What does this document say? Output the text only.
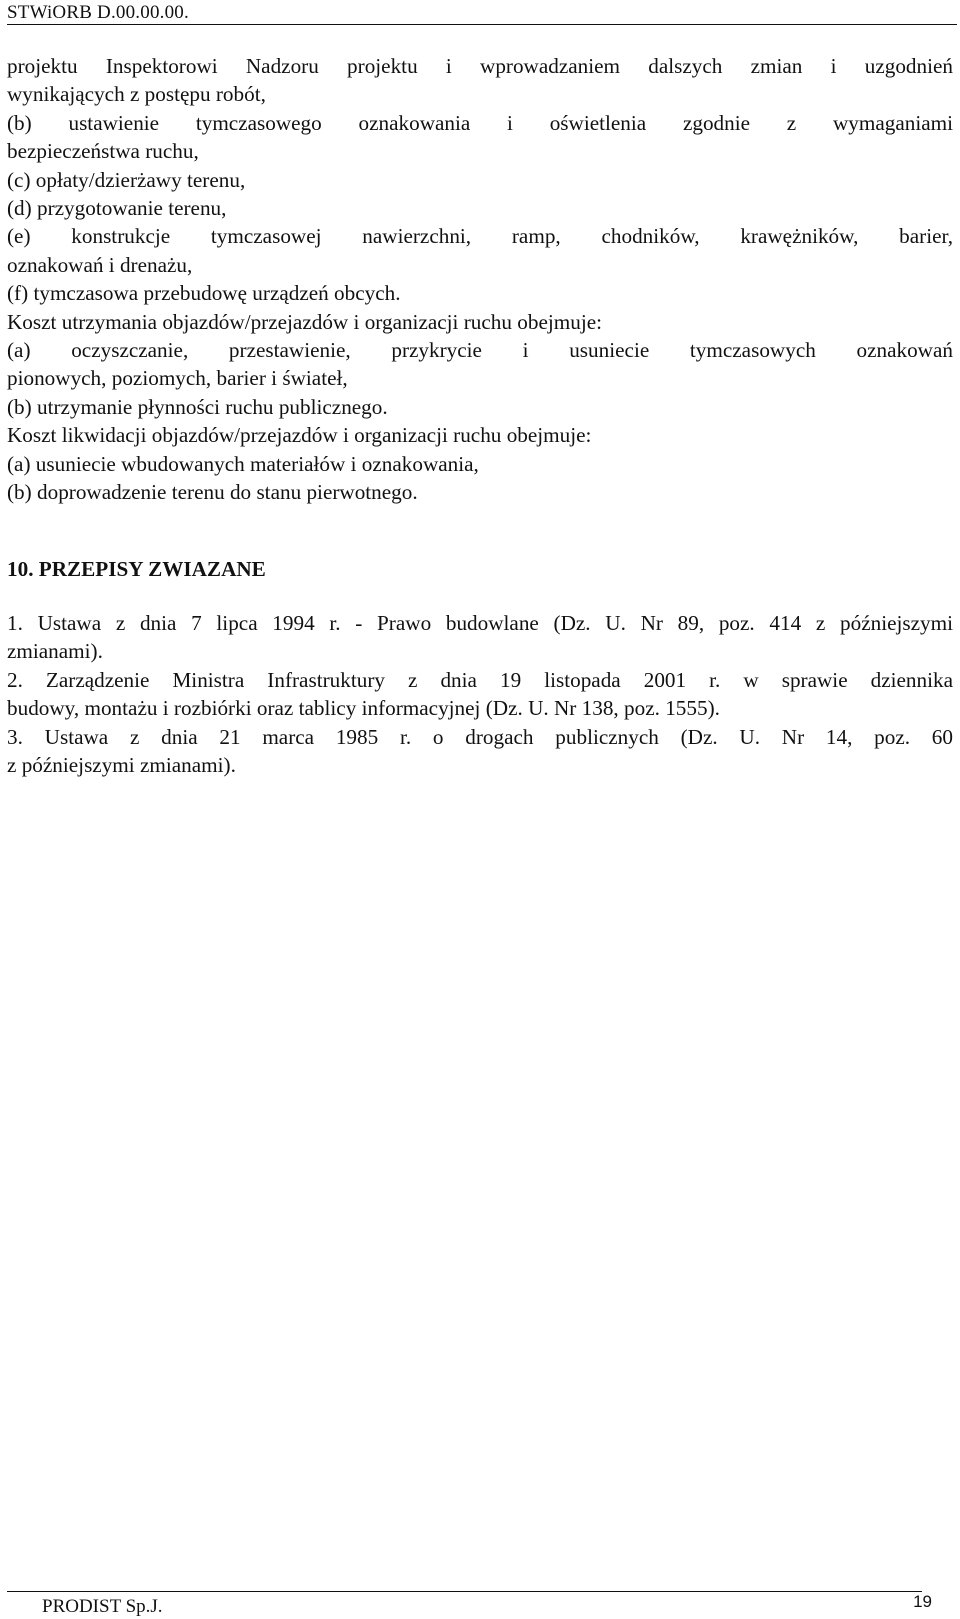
STWiORB D.00.00.00.
projektu Inspektorowi Nadzoru projektu i wprowadzaniem dalszych zmian i uzgodnień
wynikających z postępu robót,
(b) ustawienie tymczasowego oznakowania i oświetlenia zgodnie z wymaganiami
bezpieczeństwa ruchu,
(c) opłaty/dzierżawy terenu,
(d) przygotowanie terenu,
(e) konstrukcje tymczasowej nawierzchni, ramp, chodników, krawężników, barier,
oznakowań i drenażu,
(f) tymczasowa przebudowę urządzeń obcych.
Koszt utrzymania objazdów/przejazdów i organizacji ruchu obejmuje:
(a) oczyszczanie, przestawienie, przykrycie i usuniecie tymczasowych oznakowań
pionowych, poziomych, barier i świateł,
(b) utrzymanie płynności ruchu publicznego.
Koszt likwidacji objazdów/przejazdów i organizacji ruchu obejmuje:
(a) usuniecie wbudowanych materiałów i oznakowania,
(b) doprowadzenie terenu do stanu pierwotnego.
10. PRZEPISY ZWIAZANE
1. Ustawa z dnia 7 lipca 1994 r. - Prawo budowlane (Dz. U. Nr 89, poz. 414 z późniejszymi
zmianami).
2. Zarządzenie Ministra Infrastruktury z dnia 19 listopada 2001 r. w sprawie dziennika
budowy, montażu i rozbiórki oraz tablicy informacyjnej (Dz. U. Nr 138, poz. 1555).
3. Ustawa z dnia 21 marca 1985 r. o drogach publicznych (Dz. U. Nr 14, poz. 60
z późniejszymi zmianami).
PRODIST Sp.J.	19
